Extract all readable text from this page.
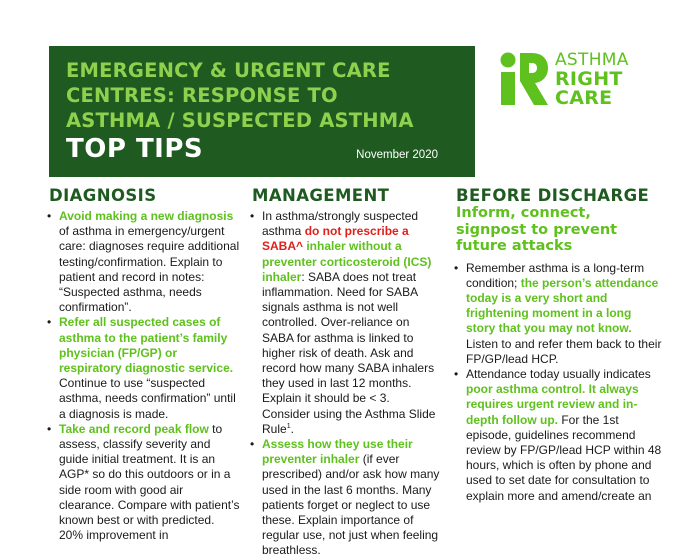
EMERGENCY & URGENT CARE
CENTRES: RESPONSE TO
ASTHMA / SUSPECTED ASTHMA
TOP TIPS	November 2020
ASTHMA
RIGHT
CARE
DIAGNOSIS
• Avoid making a new diagnosis of asthma in emergency/urgent care: diagnoses require additional testing/confirmation. Explain to patient and record in notes: “Suspected asthma, needs confirmation”.
• Refer all suspected cases of asthma to the patient’s family physician (FP/GP) or respiratory diagnostic service. Continue to use “suspected asthma, needs confirmation” until a diagnosis is made.
• Take and record peak flow to assess, classify severity and guide initial treatment. It is an AGP* so do this outdoors or in a side room with good air clearance. Compare with patient’s known best or with predicted. 20% improvement in
MANAGEMENT
• In asthma/strongly suspected asthma do not prescribe a SABA^ inhaler without a preventer corticosteroid (ICS) inhaler: SABA does not treat inflammation. Need for SABA signals asthma is not well controlled. Over-reliance on SABA for asthma is linked to higher risk of death. Ask and record how many SABA inhalers they used in last 12 months. Explain it should be < 3. Consider using the Asthma Slide Rule$^1$.
• Assess how they use their preventer inhaler (if ever prescribed) and/or ask how many used in the last 6 months. Many patients forget or neglect to use these. Explain importance of regular use, not just when feeling breathless.
BEFORE DISCHARGE
Inform, connect, signpost to prevent future attacks
• Remember asthma is a long-term condition; the person’s attendance today is a very short and frightening moment in a long story that you may not know. Listen to and refer them back to their FP/GP/lead HCP.
• Attendance today usually indicates poor asthma control. It always requires urgent review and in-depth follow up. For the 1st episode, guidelines recommend review by FP/GP/lead HCP within 48 hours, which is often by phone and used to set date for consultation to explain more and amend/create an
